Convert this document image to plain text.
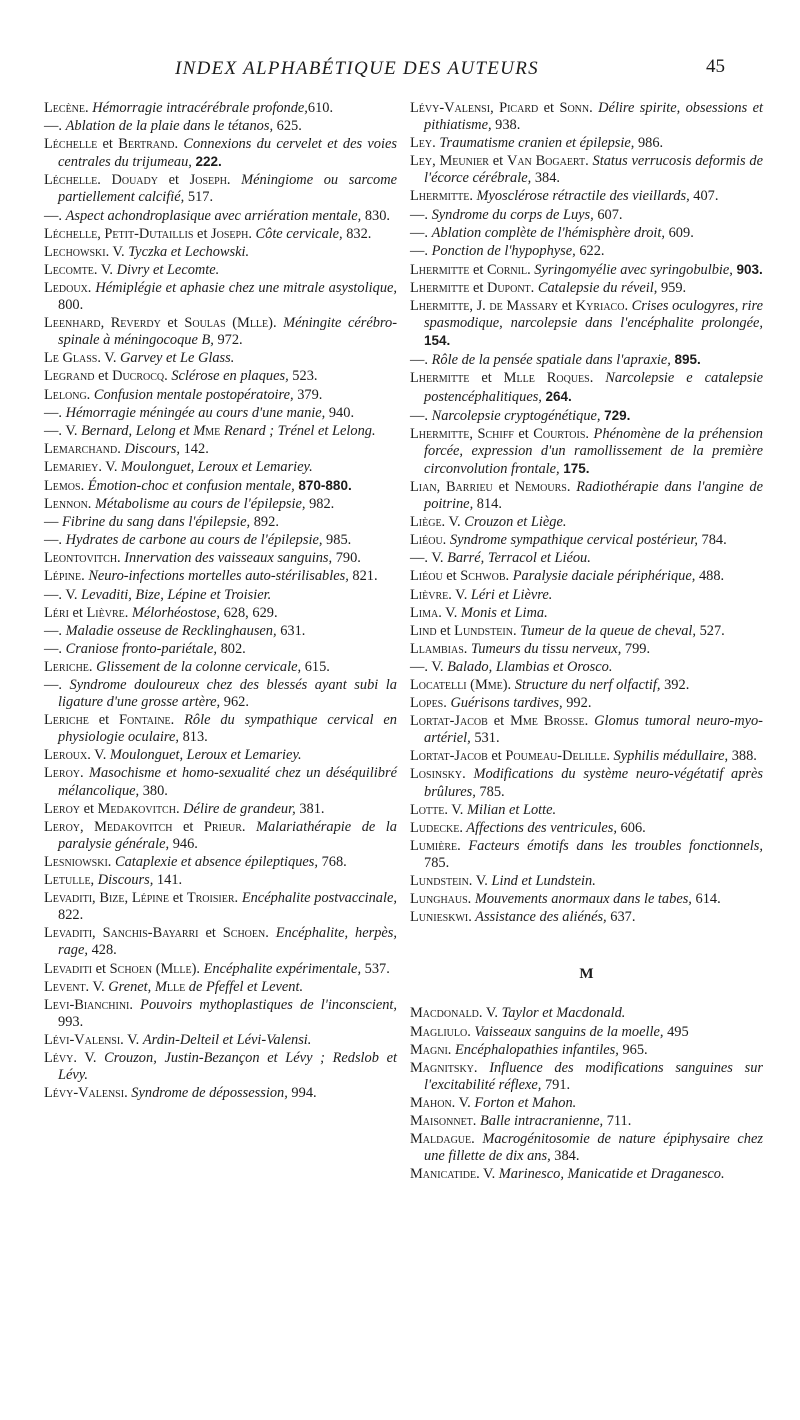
INDEX ALPHABÉTIQUE DES AUTEURS	45

Lecène. Hémorragie intracérébrale profonde,610.

—. Ablation de la plaie dans le tétanos, 625.

Léchelle et Bertrand. Connexions du cervelet et des voies centrales du trijumeau, 222.

Léchelle. Douady et Joseph. Méningiome ou sarcome partiellement calcifié, 517.

—. Aspect achondroplasique avec arriération mentale, 830.

Léchelle, Petit-Dutaillis et Joseph. Côte cervicale, 832.

Lechowski. V. Tyczka et Lechowski.

Lecomte. V. Divry et Lecomte.

Ledoux. Hémiplégie et aphasie chez une mitrale asystolique, 800.

Leenhard, Reverdy et Soulas (Mlle). Méningite cérébro-spinale à méningocoque B, 972.

Le Glass. V. Garvey et Le Glass.

Legrand et Ducrocq. Sclérose en plaques, 523.

Lelong. Confusion mentale postopératoire, 379.

—. Hémorragie méningée au cours d'une manie, 940.

—. V. Bernard, Lelong et Mme Renard ; Trénel et Lelong.

Lemarchand. Discours, 142.

Lemariey. V. Moulonguet, Leroux et Lemariey.

Lemos. Émotion-choc et confusion mentale, 870-880.

Lennon. Métabolisme au cours de l'épilepsie, 982.

— Fibrine du sang dans l'épilepsie, 892.

—. Hydrates de carbone au cours de l'épilepsie, 985.

Leontovitch. Innervation des vaisseaux sanguins, 790.

Lépine. Neuro-infections mortelles auto-stérilisables, 821.

—. V. Levaditi, Bize, Lépine et Troisier.

Léri et Lièvre. Mélorhéostose, 628, 629.

—. Maladie osseuse de Recklinghausen, 631.

—. Craniose fronto-pariétale, 802.

Leriche. Glissement de la colonne cervicale, 615.

—. Syndrome douloureux chez des blessés ayant subi la ligature d'une grosse artère, 962.

Leriche et Fontaine. Rôle du sympathique cervical en physiologie oculaire, 813.

Leroux. V. Moulonguet, Leroux et Lemariey.

Leroy. Masochisme et homo-sexualité chez un déséquilibré mélancolique, 380.

Leroy et Medakovitch. Délire de grandeur, 381.

Leroy, Medakovitch et Prieur. Malariathérapie de la paralysie générale, 946.

Lesniowski. Cataplexie et absence épileptiques, 768.

Letulle, Discours, 141.

Levaditi, Bize, Lépine et Troisier. Encéphalite postvaccinale, 822.

Levaditi, Sanchis-Bayarri et Schoen. Encéphalite, herpès, rage, 428.

Levaditi et Schoen (Mlle). Encéphalite expérimentale, 537.

Levent. V. Grenet, Mlle de Pfeffel et Levent.

Levi-Bianchini. Pouvoirs mythoplastiques de l'inconscient, 993.

Lévi-Valensi. V. Ardin-Delteil et Lévi-Valensi.

Lévy. V. Crouzon, Justin-Bezançon et Lévy ; Redslob et Lévy.

Lévy-Valensi. Syndrome de dépossession, 994.

Lévy-Valensi, Picard et Sonn. Délire spirite, obsessions et pithiatisme, 938.

Ley. Traumatisme cranien et épilepsie, 986.

Ley, Meunier et Van Bogaert. Status verrucosis deformis de l'écorce cérébrale, 384.

Lhermitte. Myosclérose rétractile des vieillards, 407.

—. Syndrome du corps de Luys, 607.

—. Ablation complète de l'hémisphère droit, 609.

—. Ponction de l'hypophyse, 622.

Lhermitte et Cornil. Syringomyélie avec syringobulbie, 903.

Lhermitte et Dupont. Catalepsie du réveil, 959.

Lhermitte, J. de Massary et Kyriaco. Crises oculogyres, rire spasmodique, narcolepsie dans l'encéphalite prolongée, 154.

—. Rôle de la pensée spatiale dans l'apraxie, 895.

Lhermitte et Mlle Roques. Narcolepsie e catalepsie postencéphalitiques, 264.

—. Narcolepsie cryptogénétique, 729.

Lhermitte, Schiff et Courtois. Phénomène de la préhension forcée, expression d'un ramollissement de la première circonvolution frontale, 175.

Lian, Barrieu et Nemours. Radiothérapie dans l'angine de poitrine, 814.

Liège. V. Crouzon et Liège.

Liéou. Syndrome sympathique cervical postérieur, 784.

—. V. Barré, Terracol et Liéou.

Liéou et Schwob. Paralysie daciale périphérique, 488.

Lièvre. V. Léri et Lièvre.

Lima. V. Monis et Lima.

Lind et Lundstein. Tumeur de la queue de cheval, 527.

Llambias. Tumeurs du tissu nerveux, 799.

—. V. Balado, Llambias et Orosco.

Locatelli (Mme). Structure du nerf olfactif, 392.

Lopes. Guérisons tardives, 992.

Lortat-Jacob et Mme Brosse. Glomus tumoral neuro-myo-artériel, 531.

Lortat-Jacob et Poumeau-Delille. Syphilis médullaire, 388.

Losinsky. Modifications du système neuro-végétatif après brûlures, 785.

Lotte. V. Milian et Lotte.

Ludecke. Affections des ventricules, 606.

Lumière. Facteurs émotifs dans les troubles fonctionnels, 785.

Lundstein. V. Lind et Lundstein.

Lunghaus. Mouvements anormaux dans le tabes, 614.

Lunieskwi. Assistance des aliénés, 637.

M

Macdonald. V. Taylor et Macdonald.

Magliulo. Vaisseaux sanguins de la moelle, 495

Magni. Encéphalopathies infantiles, 965.

Magnitsky. Influence des modifications sanguines sur l'excitabilité réflexe, 791.

Mahon. V. Forton et Mahon.

Maisonnet. Balle intracranienne, 711.

Maldague. Macrogénitosomie de nature épiphysaire chez une fillette de dix ans, 384.

Manicatide. V. Marinesco, Manicatide et Draganesco.
